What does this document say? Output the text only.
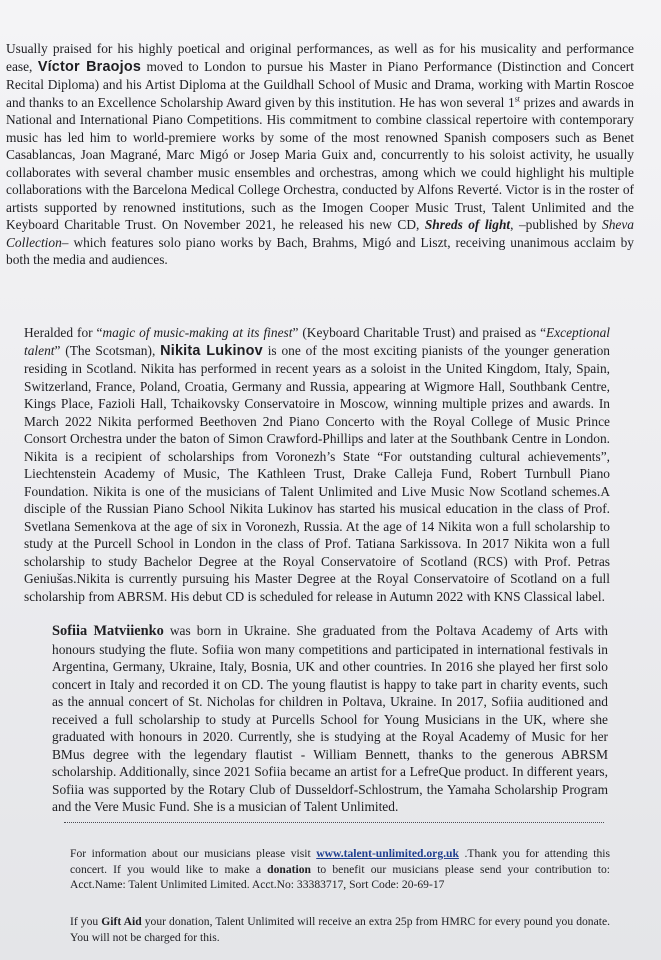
Usually praised for his highly poetical and original performances, as well as for his musicality and performance ease, Víctor Braojos moved to London to pursue his Master in Piano Performance (Distinction and Concert Recital Diploma) and his Artist Diploma at the Guildhall School of Music and Drama, working with Martin Roscoe and thanks to an Excellence Scholarship Award given by this institution. He has won several 1st prizes and awards in National and International Piano Competitions. His commitment to combine classical repertoire with contemporary music has led him to world-premiere works by some of the most renowned Spanish composers such as Benet Casablancas, Joan Magrané, Marc Migó or Josep Maria Guix and, concurrently to his soloist activity, he usually collaborates with several chamber music ensembles and orchestras, among which we could highlight his multiple collaborations with the Barcelona Medical College Orchestra, conducted by Alfons Reverté. Victor is in the roster of artists supported by renowned institutions, such as the Imogen Cooper Music Trust, Talent Unlimited and the Keyboard Charitable Trust. On November 2021, he released his new CD, Shreds of light, –published by Sheva Collection– which features solo piano works by Bach, Brahms, Migó and Liszt, receiving unanimous acclaim by both the media and audiences.

Heralded for “magic of music-making at its finest” (Keyboard Charitable Trust) and praised as “Exceptional talent” (The Scotsman), Nikita Lukinov is one of the most exciting pianists of the younger generation residing in Scotland. Nikita has performed in recent years as a soloist in the United Kingdom, Italy, Spain, Switzerland, France, Poland, Croatia, Germany and Russia, appearing at Wigmore Hall, Southbank Centre, Kings Place, Fazioli Hall, Tchaikovsky Conservatoire in Moscow, winning multiple prizes and awards. In March 2022 Nikita performed Beethoven 2nd Piano Concerto with the Royal College of Music Prince Consort Orchestra under the baton of Simon Crawford-Phillips and later at the Southbank Centre in London. Nikita is a recipient of scholarships from Voronezh’s State “For outstanding cultural achievements”, Liechtenstein Academy of Music, The Kathleen Trust, Drake Calleja Fund, Robert Turnbull Piano Foundation. Nikita is one of the musicians of Talent Unlimited and Live Music Now Scotland schemes.A disciple of the Russian Piano School Nikita Lukinov has started his musical education in the class of Prof. Svetlana Semenkova at the age of six in Voronezh, Russia. At the age of 14 Nikita won a full scholarship to study at the Purcell School in London in the class of Prof. Tatiana Sarkissova. In 2017 Nikita won a full scholarship to study Bachelor Degree at the Royal Conservatoire of Scotland (RCS) with Prof. Petras Geniušas.Nikita is currently pursuing his Master Degree at the Royal Conservatoire of Scotland on a full scholarship from ABRSM. His debut CD is scheduled for release in Autumn 2022 with KNS Classical label.

Sofiia Matviienko was born in Ukraine. She graduated from the Poltava Academy of Arts with honours studying the flute. Sofiia won many competitions and participated in international festivals in Argentina, Germany, Ukraine, Italy, Bosnia, UK and other countries. In 2016 she played her first solo concert in Italy and recorded it on CD. The young flautist is happy to take part in charity events, such as the annual concert of St. Nicholas for children in Poltava, Ukraine. In 2017, Sofiia auditioned and received a full scholarship to study at Purcells School for Young Musicians in the UK, where she graduated with honours in 2020. Currently, she is studying at the Royal Academy of Music for her BMus degree with the legendary flautist - William Bennett, thanks to the generous ABRSM scholarship. Additionally, since 2021 Sofiia became an artist for a LefreQue product. In different years, Sofiia was supported by the Rotary Club of Dusseldorf-Schlostrum, the Yamaha Scholarship Program and the Vere Music Fund. She is a musician of Talent Unlimited.

For information about our musicians please visit www.talent-unlimited.org.uk .Thank you for attending this concert. If you would like to make a donation to benefit our musicians please send your contribution to: Acct.Name: Talent Unlimited Limited. Acct.No: 33383717, Sort Code: 20-69-17

If you Gift Aid your donation, Talent Unlimited will receive an extra 25p from HMRC for every pound you donate. You will not be charged for this.
